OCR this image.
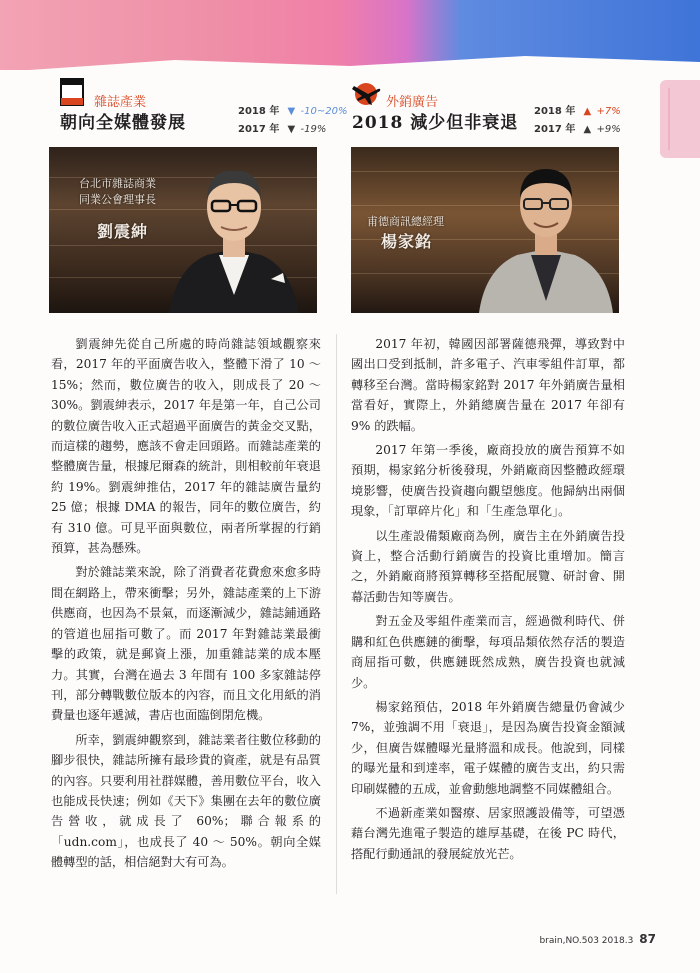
雜誌產業
朝向全媒體發展
2018 年 ▼ -10~20%
2017 年 ▼ -19%
外銷廣告
2018 減少但非衰退
2018 年 ▲ +7%
2017 年 ▲ +9%
台北市雜誌商業
同業公會理事長
劉震紳
甫德商訊總經理
楊家銘

劉震紳先從自己所處的時尚雜誌領域觀察來看，2017 年的平面廣告收入，整體下滑了 10 ～ 15%；然而，數位廣告的收入，則成長了 20 ～ 30%。劉震紳表示，2017 年是第一年，自己公司的數位廣告收入正式超過平面廣告的黃金交叉點，而這樣的趨勢，應該不會走回頭路。而雜誌產業的整體廣告量，根據尼爾森的統計，則相較前年衰退約 19%。劉震紳推估，2017 年的雜誌廣告量約 25 億；根據 DMA 的報告，同年的數位廣告，約有 310 億。可見平面與數位，兩者所掌握的行銷預算，甚為懸殊。

對於雜誌業來說，除了消費者花費愈來愈多時間在網路上，帶來衝擊；另外，雜誌產業的上下游供應商，也因為不景氣，而逐漸減少，雜誌鋪通路的管道也屈指可數了。而 2017 年對雜誌業最衝擊的政策，就是郵資上漲，加重雜誌業的成本壓力。其實，台灣在過去 3 年間有 100 多家雜誌停刊，部分轉戰數位版本的內容，而且文化用紙的消費量也逐年遞減，書店也面臨倒閉危機。

所幸，劉震紳觀察到，雜誌業者往數位移動的腳步很快，雜誌所擁有最珍貴的資產，就是有品質的內容。只要利用社群媒體，善用數位平台，收入也能成長快速；例如《天下》集團在去年的數位廣告營收，就成長了 60%；聯合報系的「udn.com」，也成長了 40 ～ 50%。朝向全媒體轉型的話，相信絕對大有可為。

2017 年初，韓國因部署薩德飛彈，導致對中國出口受到抵制，許多電子、汽車零組件訂單，都轉移至台灣。當時楊家銘對 2017 年外銷廣告量相當看好，實際上，外銷總廣告量在 2017 年卻有 9% 的跌幅。

2017 年第一季後，廠商投放的廣告預算不如預期，楊家銘分析後發現，外銷廠商因整體政經環境影響，使廣告投資趨向觀望態度。他歸納出兩個現象，「訂單碎片化」和「生產急單化」。

以生產設備類廠商為例，廣告主在外銷廣告投資上，整合活動行銷廣告的投資比重增加。簡言之，外銷廠商將預算轉移至搭配展覽、研討會、開幕活動告知等廣告。

對五金及零組件產業而言，經過微利時代、併購和紅色供應鏈的衝擊，每項品類依然存活的製造商屈指可數，供應鏈既然成熟，廣告投資也就減少。

楊家銘預估，2018 年外銷廣告總量仍會減少 7%，並強調不用「衰退」，是因為廣告投資金額減少，但廣告媒體曝光量將溫和成長。他說到，同樣的曝光量和到達率，電子媒體的廣告支出，約只需印刷媒體的五成，並會動態地調整不同媒體組合。

不過新產業如醫療、居家照護設備等，可望憑藉台灣先進電子製造的雄厚基礎，在後 PC 時代，搭配行動通訊的發展綻放光芒。

brain,NO.503 2018.3 87
